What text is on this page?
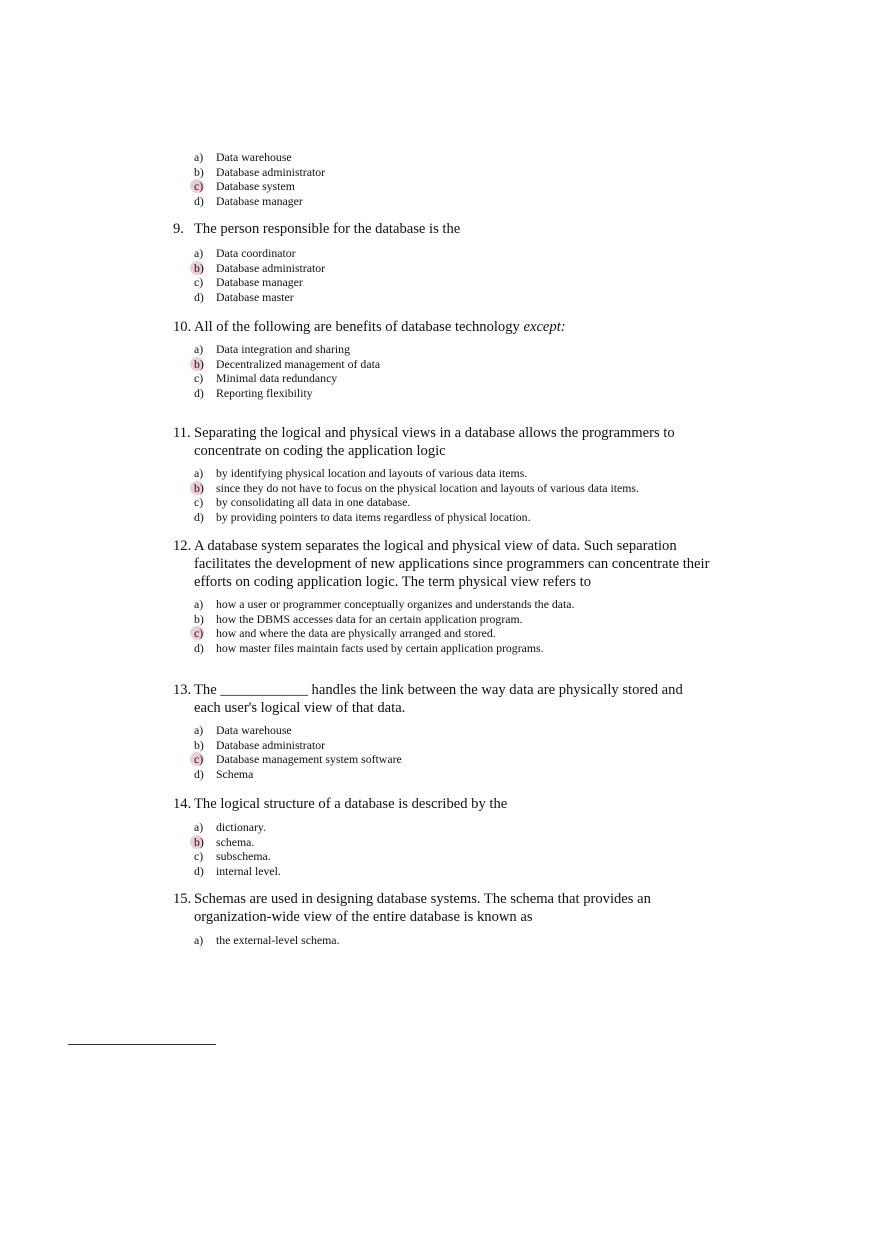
a) Data warehouse
b) Database administrator
c) Database system
d) Database manager
9. The person responsible for the database is the
a) Data coordinator
b) Database administrator
c) Database manager
d) Database master
10. All of the following are benefits of database technology except:
a) Data integration and sharing
b) Decentralized management of data
c) Minimal data redundancy
d) Reporting flexibility
11. Separating the logical and physical views in a database allows the programmers to concentrate on coding the application logic
a) by identifying physical location and layouts of various data items.
b) since they do not have to focus on the physical location and layouts of various data items.
c) by consolidating all data in one database.
d) by providing pointers to data items regardless of physical location.
12. A database system separates the logical and physical view of data. Such separation facilitates the development of new applications since programmers can concentrate their efforts on coding application logic. The term physical view refers to
a) how a user or programmer conceptually organizes and understands the data.
b) how the DBMS accesses data for an certain application program.
c) how and where the data are physically arranged and stored.
d) how master files maintain facts used by certain application programs.
13. The ____________ handles the link between the way data are physically stored and each user's logical view of that data.
a) Data warehouse
b) Database administrator
c) Database management system software
d) Schema
14. The logical structure of a database is described by the
a) dictionary.
b) schema.
c) subschema.
d) internal level.
15. Schemas are used in designing database systems. The schema that provides an organization-wide view of the entire database is known as
a) the external-level schema.
